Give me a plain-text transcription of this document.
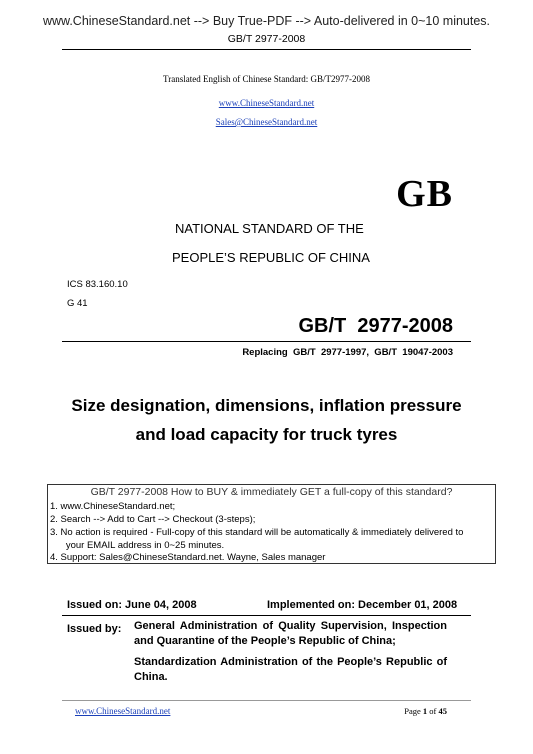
www.ChineseStandard.net --> Buy True-PDF --> Auto-delivered in 0~10 minutes.
GB/T 2977-2008
Translated English of Chinese Standard: GB/T2977-2008
www.ChineseStandard.net
Sales@ChineseStandard.net
GB
NATIONAL STANDARD OF THE
PEOPLE’S REPUBLIC OF CHINA
ICS 83.160.10
G 41
GB/T  2977-2008
Replacing  GB/T  2977-1997,  GB/T  19047-2003
Size designation, dimensions, inflation pressure
and load capacity for truck tyres
GB/T 2977-2008 How to BUY & immediately GET a full-copy of this standard?
1. www.ChineseStandard.net;
2. Search --> Add to Cart --> Checkout (3-steps);
3. No action is required - Full-copy of this standard will be automatically & immediately delivered to
your EMAIL address in 0~25 minutes.
4. Support: Sales@ChineseStandard.net. Wayne, Sales manager
Issued on: June 04, 2008	Implemented on: December 01, 2008
Issued by: General Administration of Quality Supervision, Inspection and Quarantine of the People’s Republic of China;
Standardization Administration of the People’s Republic of China.
www.ChineseStandard.net	Page 1 of 45
